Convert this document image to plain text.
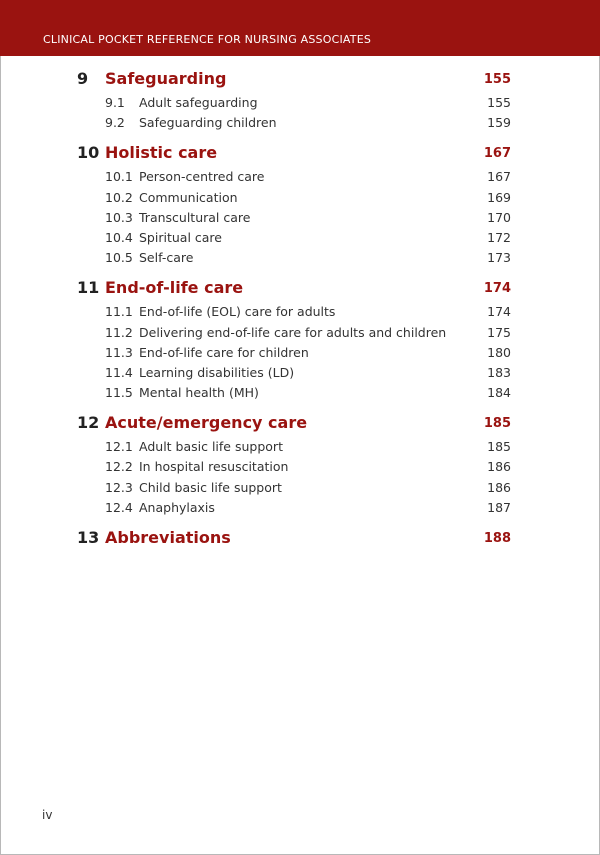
CLINICAL POCKET REFERENCE FOR NURSING ASSOCIATES
9 Safeguarding	155
9.1 Adult safeguarding	155
9.2 Safeguarding children	159
10 Holistic care	167
10.1 Person-centred care	167
10.2 Communication	169
10.3 Transcultural care	170
10.4 Spiritual care	172
10.5 Self-care	173
11 End-of-life care	174
11.1 End-of-life (EOL) care for adults	174
11.2 Delivering end-of-life care for adults and children	175
11.3 End-of-life care for children	180
11.4 Learning disabilities (LD)	183
11.5 Mental health (MH)	184
12 Acute/emergency care	185
12.1 Adult basic life support	185
12.2 In hospital resuscitation	186
12.3 Child basic life support	186
12.4 Anaphylaxis	187
13 Abbreviations	188
iv
